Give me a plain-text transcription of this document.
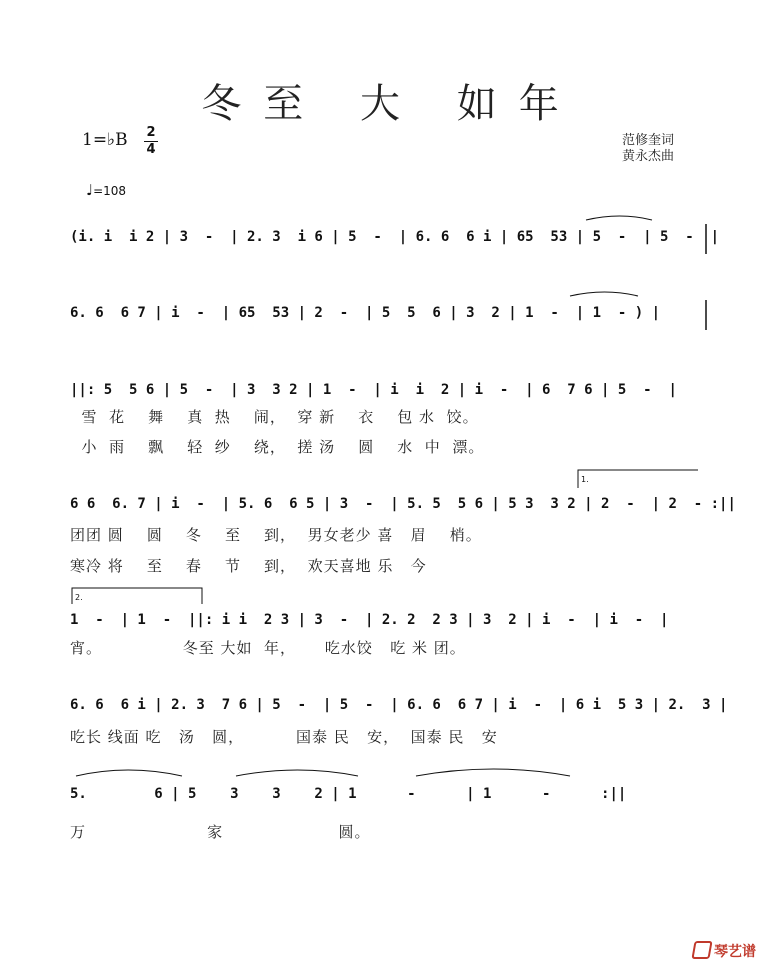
冬至 大 如年
1=♭B 2
4
范修奎词
黄永杰曲
♩=108
(i. i  i 2 | 3  -  | 2. 3  i 6 | 5  -  | 6. 6  6 i | 65  53 | 5  -  | 5  -  |
6. 6  6 7 | i  -  | 65  53 | 2  -  | 5  5  6 | 3  2 | 1  -  | 1  - ) |
||: 5  5 6 | 5  -  | 3  3 2 | 1  -  | i  i  2 | i  -  | 6  7 6 | 5  -  |
雪  花    舞    真  热    闹，  穿 新    衣    包 水  饺。
小  雨    飘    轻  纱    绕，  搓 汤    圆    水  中  漂。
6 6  6. 7 | i  -  | 5. 6  6 5 | 3  -  | 5. 5  5 6 | 5 3  3 2 | 2  -  | 2  - :||
团团 圆    圆    冬    至    到，  男女老少 喜   眉    梢。
寒冷 将    至    春    节    到，  欢天喜地 乐   今
1  -  | 1  -  ||: i i  2 3 | 3  -  | 2. 2  2 3 | 3  2 | i  -  | i  -  |
宵。              冬至 大如  年，     吃水饺   吃 米 团。
6. 6  6 i | 2. 3  7 6 | 5  -  | 5  -  | 6. 6  6 7 | i  -  | 6 i  5 3 | 2.  3 |
吃长 线面 吃   汤   圆，         国泰 民   安，  国泰 民   安
5.        6 | 5    3    3    2 | 1      -      | 1      -      :||
万                     家                    圆。
1.
2.
琴艺谱
